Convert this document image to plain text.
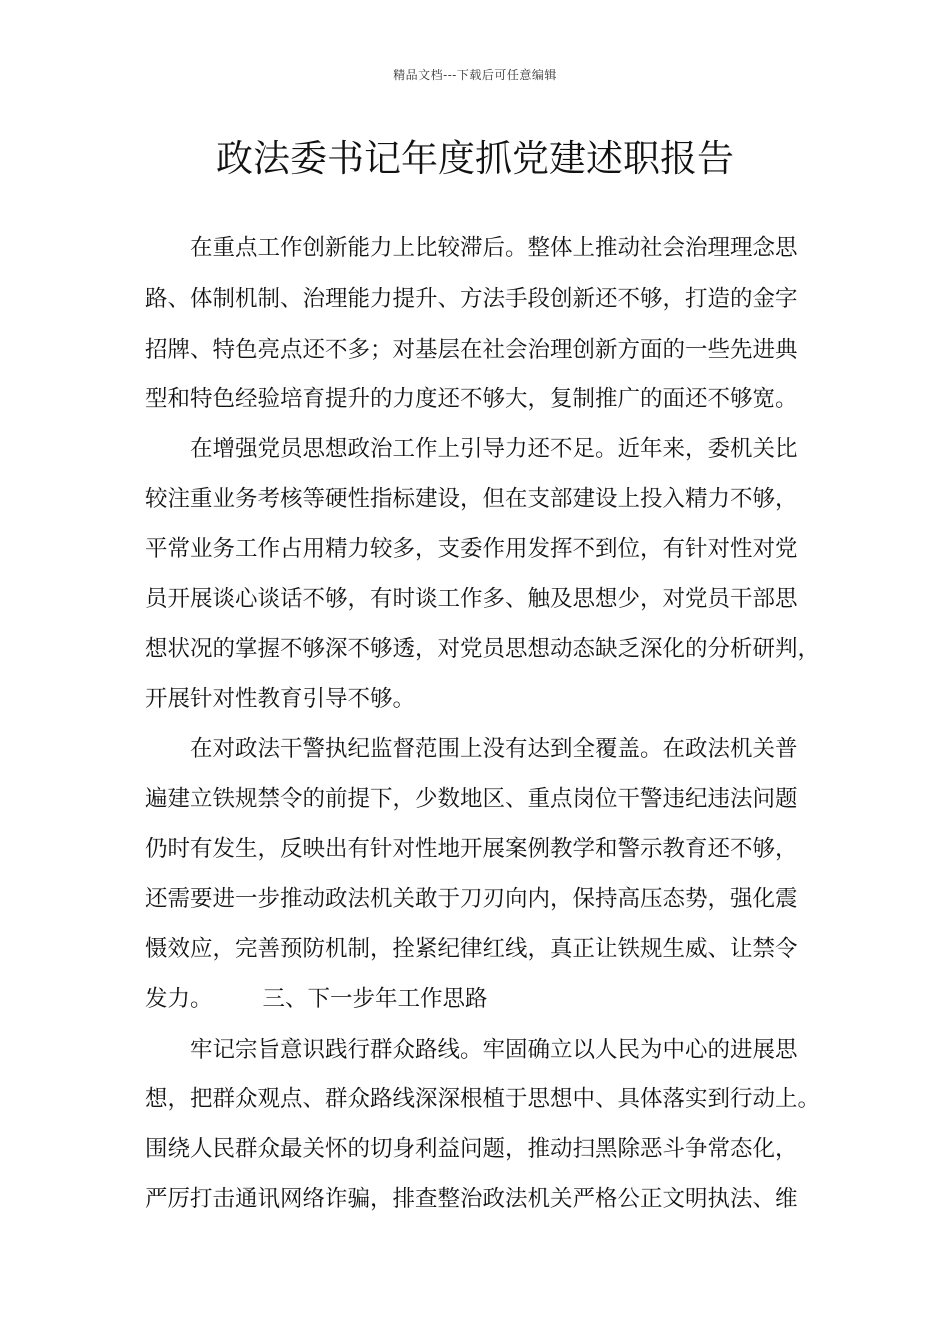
精品文档---下载后可任意编辑
政法委书记年度抓党建述职报告
在重点工作创新能力上比较滞后。整体上推动社会治理理念思
路、体制机制、治理能力提升、方法手段创新还不够，打造的金字
招牌、特色亮点还不多；对基层在社会治理创新方面的一些先进典
型和特色经验培育提升的力度还不够大，复制推广的面还不够宽。
在增强党员思想政治工作上引导力还不足。近年来，委机关比
较注重业务考核等硬性指标建设，但在支部建设上投入精力不够，
平常业务工作占用精力较多，支委作用发挥不到位，有针对性对党
员开展谈心谈话不够，有时谈工作多、触及思想少，对党员干部思
想状况的掌握不够深不够透，对党员思想动态缺乏深化的分析研判，
开展针对性教育引导不够。
在对政法干警执纪监督范围上没有达到全覆盖。在政法机关普
遍建立铁规禁令的前提下，少数地区、重点岗位干警违纪违法问题
仍时有发生，反映出有针对性地开展案例教学和警示教育还不够，
还需要进一步推动政法机关敢于刀刃向内，保持高压态势，强化震
慑效应，完善预防机制，拴紧纪律红线，真正让铁规生威、让禁令
发力。 三、下一步年工作思路
牢记宗旨意识践行群众路线。牢固确立以人民为中心的进展思
想，把群众观点、群众路线深深根植于思想中、具体落实到行动上。
围绕人民群众最关怀的切身利益问题，推动扫黑除恶斗争常态化，
严厉打击通讯网络诈骗，排查整治政法机关严格公正文明执法、维
